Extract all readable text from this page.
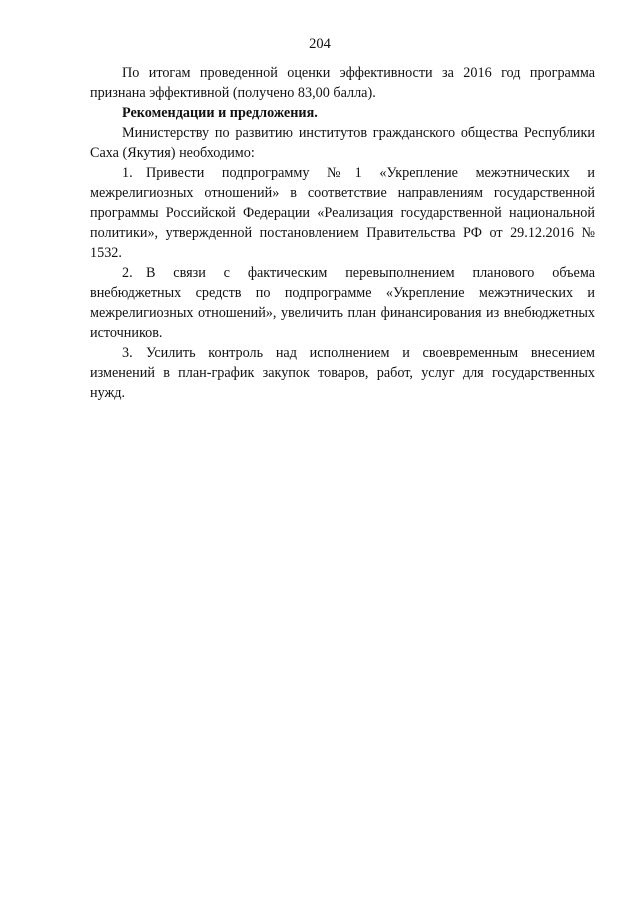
204

По итогам проведенной оценки эффективности за 2016 год программа признана эффективной (получено 83,00 балла).

Рекомендации и предложения.

Министерству по развитию институтов гражданского общества Республики Саха (Якутия) необходимо:

1. Привести подпрограмму №1 «Укрепление межэтнических и межрелигиозных отношений» в соответствие направлениям государственной программы Российской Федерации «Реализация государственной национальной политики», утвержденной постановлением Правительства РФ от 29.12.2016 № 1532.

2. В связи с фактическим перевыполнением планового объема внебюджетных средств по подпрограмме «Укрепление межэтнических и межрелигиозных отношений», увеличить план финансирования из внебюджетных источников.

3. Усилить контроль над исполнением и своевременным внесением изменений в план-график закупок товаров, работ, услуг для государственных нужд.
